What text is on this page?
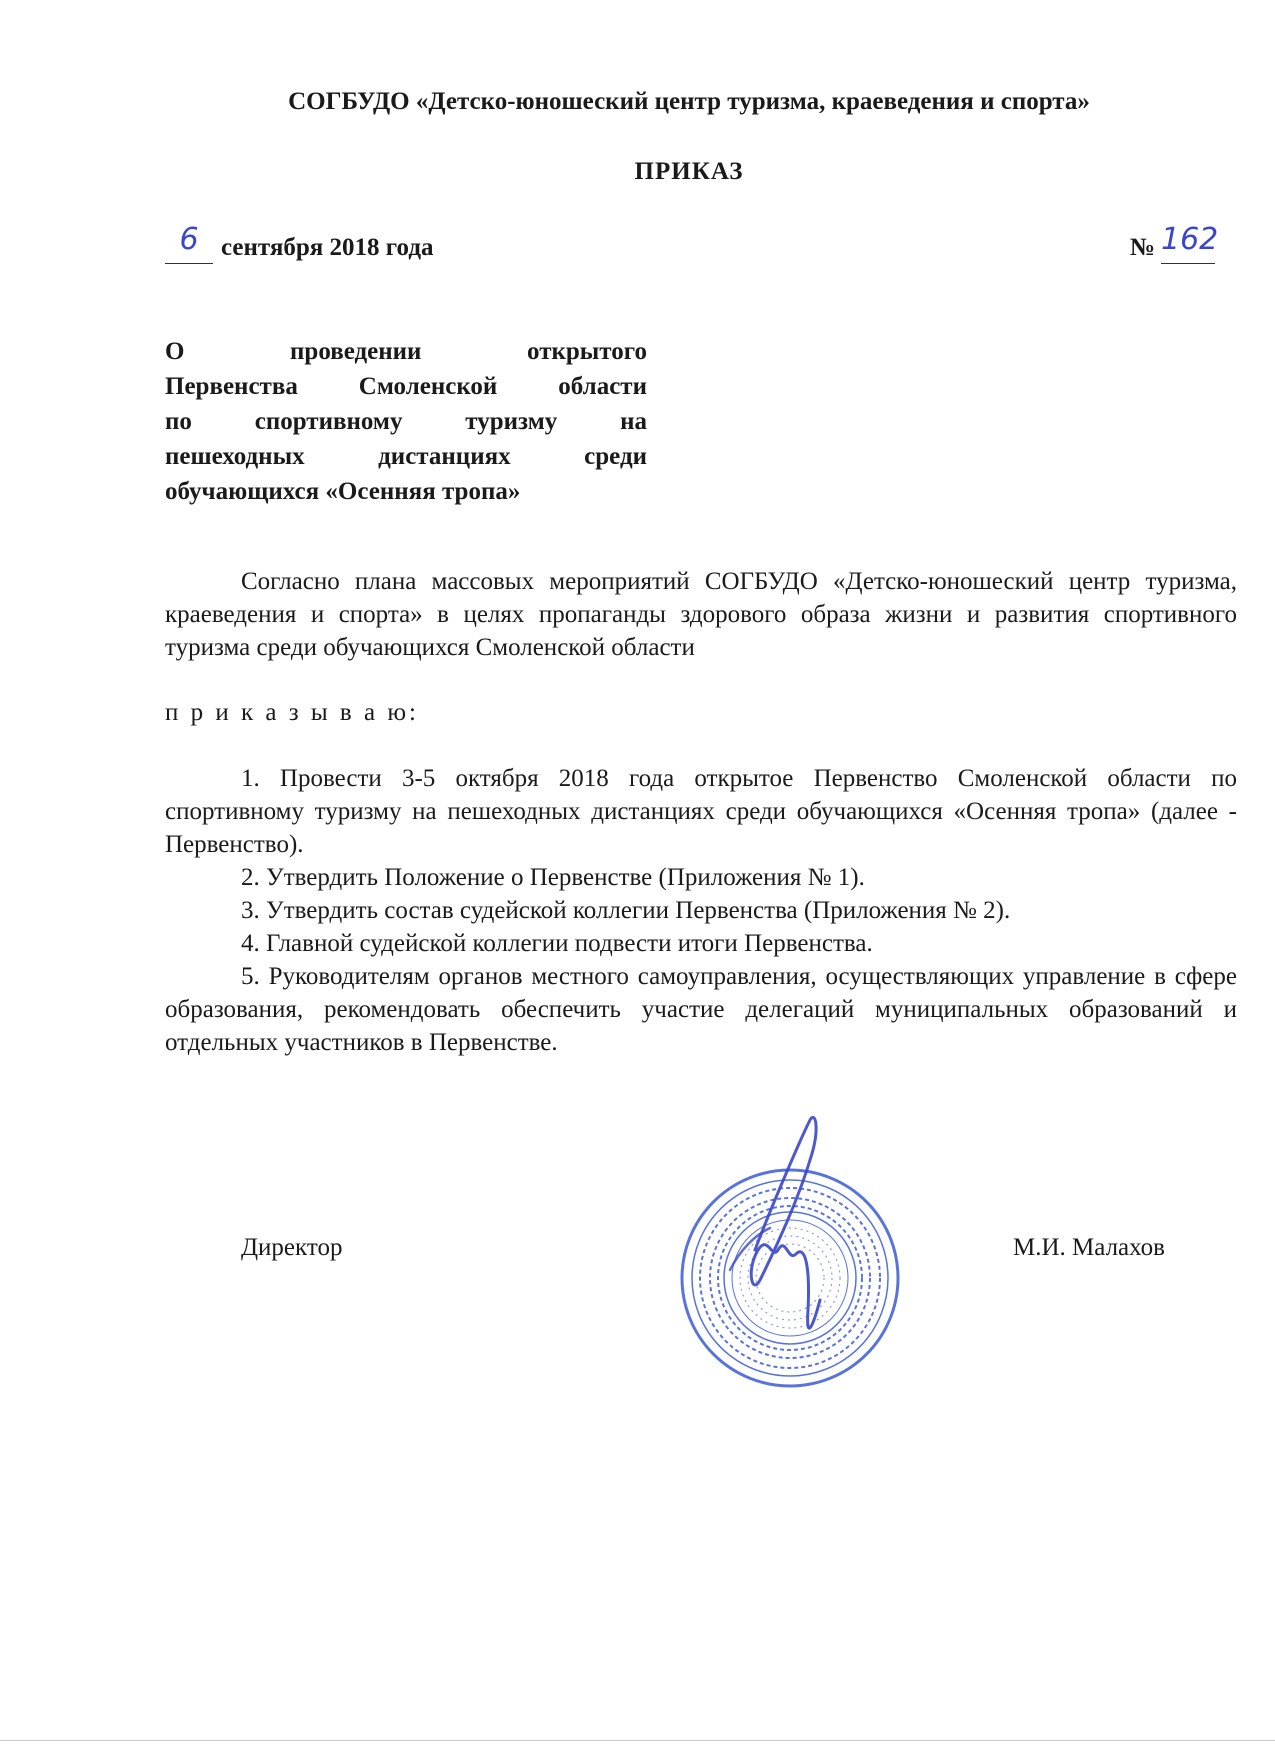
СОГБУДО «Детско-юношеский центр туризма, краеведения и спорта»
ПРИКАЗ
6 сентября 2018 года	№ 162
О проведении открытого
Первенства Смоленской области
по спортивному туризму на
пешеходных дистанциях среди
обучающихся «Осенняя тропа»
Согласно плана массовых мероприятий СОГБУДО «Детско-юношеский центр туризма, краеведения и спорта» в целях пропаганды здорового образа жизни и развития спортивного туризма среди обучающихся Смоленской области
п р и к а з ы в а ю:

1. Провести 3-5 октября 2018 года открытое Первенство Смоленской области по спортивному туризму на пешеходных дистанциях среди обучающихся «Осенняя тропа» (далее - Первенство).

2. Утвердить Положение о Первенстве (Приложения № 1).

3. Утвердить состав судейской коллегии Первенства (Приложения № 2).

4. Главной судейской коллегии подвести итоги Первенства.

5. Руководителям органов местного самоуправления, осуществляющих управление в сфере образования, рекомендовать обеспечить участие делегаций муниципальных образований и отдельных участников в Первенстве.

Директор	М.И. Малахов
